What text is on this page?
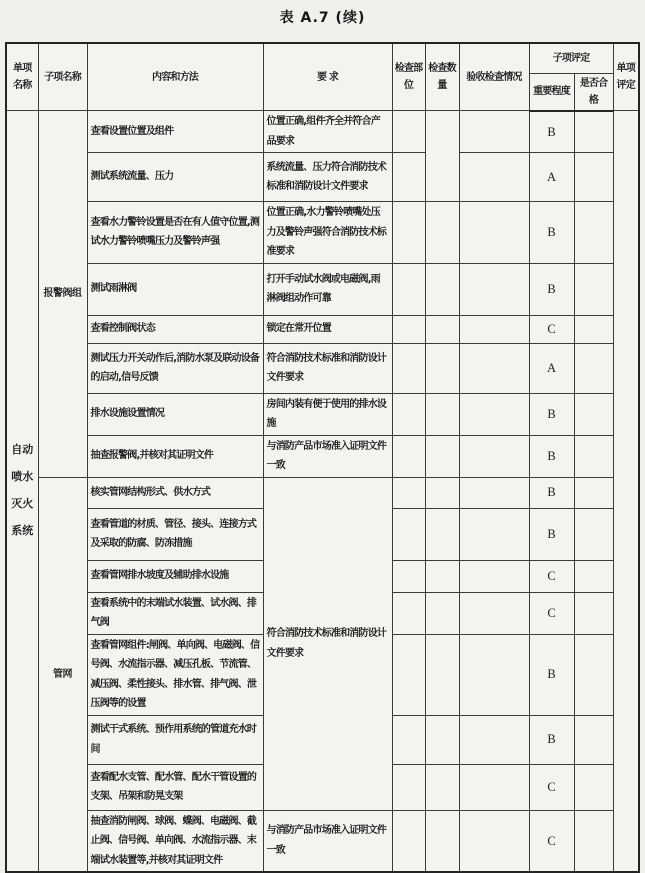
表 A.7 (续)
单项名称	子项名称	内容和方法	要 求	检查部位	检查数量	验收检查情况	子项评定		单项评定
							重要程度	是否合格	
自动喷水灭火系统	报警阀组	查看设置位置及组件	位置正确,组件齐全并符合产品要求				B		
		测试系统流量、压力	系统流量、压力符合消防技术标准和消防设计文件要求				A		
		查看水力警铃设置是否在有人值守位置,测试水力警铃喷嘴压力及警铃声强	位置正确,水力警铃喷嘴处压力及警铃声强符合消防技术标准要求				B		
		测试雨淋阀	打开手动试水阀或电磁阀,雨淋阀组动作可靠				B		
		查看控制阀状态	锁定在常开位置				C		
		测试压力开关动作后,消防水泵及联动设备的启动,信号反馈	符合消防技术标准和消防设计文件要求				A		
		排水设施设置情况	房间内装有便于使用的排水设施				B		
		抽查报警阀,并核对其证明文件	与消防产品市场准入证明文件一致				B		
	管网	核实管网结构形式、供水方式	符合消防技术标准和消防设计文件要求				B		
		查看管道的材质、管径、接头、连接方式及采取的防腐、防冻措施					B		
		查看管网排水坡度及辅助排水设施					C		
		查看系统中的末端试水装置、试水阀、排气阀					C		
		查看管网组件:闸阀、单向阀、电磁阀、信号阀、水流指示器、减压孔板、节流管、减压阀、柔性接头、排水管、排气阀、泄压阀等的设置					B		
		测试干式系统、预作用系统的管道充水时间					B		
		查看配水支管、配水管、配水干管设置的支架、吊架和防晃支架					C		
		抽查消防闸阀、球阀、蝶阀、电磁阀、截止阀、信号阀、单向阀、水流指示器、末端试水装置等,并核对其证明文件	与消防产品市场准入证明文件一致				C		
